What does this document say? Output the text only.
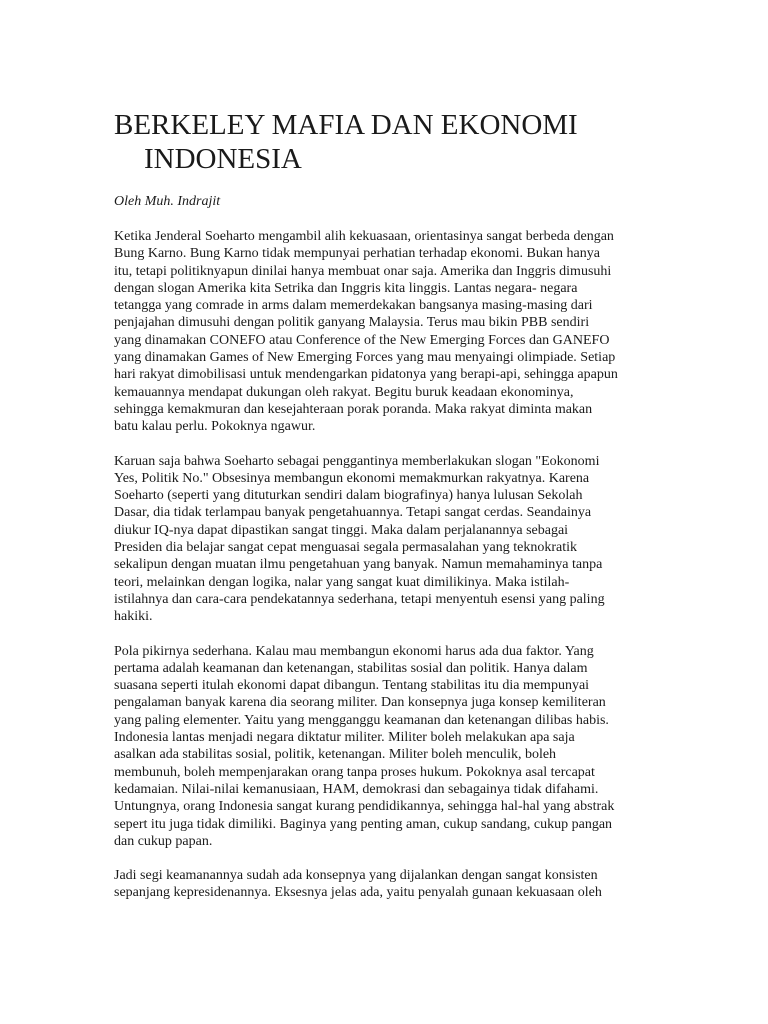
BERKELEY MAFIA DAN EKONOMI
INDONESIA

Oleh Muh. Indrajit

Ketika Jenderal Soeharto mengambil alih kekuasaan, orientasinya sangat berbeda dengan
Bung Karno. Bung Karno tidak mempunyai perhatian terhadap ekonomi. Bukan hanya
itu, tetapi politiknyapun dinilai hanya membuat onar saja. Amerika dan Inggris dimusuhi
dengan slogan Amerika kita Setrika dan Inggris kita linggis. Lantas negara- negara
tetangga yang comrade in arms dalam memerdekakan bangsanya masing-masing dari
penjajahan dimusuhi dengan politik ganyang Malaysia. Terus mau bikin PBB sendiri
yang dinamakan CONEFO atau Conference of the New Emerging Forces dan GANEFO
yang dinamakan Games of New Emerging Forces yang mau menyaingi olimpiade. Setiap
hari rakyat dimobilisasi untuk mendengarkan pidatonya yang berapi-api, sehingga apapun
kemauannya mendapat dukungan oleh rakyat. Begitu buruk keadaan ekonominya,
sehingga kemakmuran dan kesejahteraan porak poranda. Maka rakyat diminta makan
batu kalau perlu. Pokoknya ngawur.

Karuan saja bahwa Soeharto sebagai penggantinya memberlakukan slogan "Eokonomi
Yes, Politik No." Obsesinya membangun ekonomi memakmurkan rakyatnya. Karena
Soeharto (seperti yang dituturkan sendiri dalam biografinya) hanya lulusan Sekolah
Dasar, dia tidak terlampau banyak pengetahuannya. Tetapi sangat cerdas. Seandainya
diukur IQ-nya dapat dipastikan sangat tinggi. Maka dalam perjalanannya sebagai
Presiden dia belajar sangat cepat menguasai segala permasalahan yang teknokratik
sekalipun dengan muatan ilmu pengetahuan yang banyak. Namun memahaminya tanpa
teori, melainkan dengan logika, nalar yang sangat kuat dimilikinya. Maka istilah-
istilahnya dan cara-cara pendekatannya sederhana, tetapi menyentuh esensi yang paling
hakiki.

Pola pikirnya sederhana. Kalau mau membangun ekonomi harus ada dua faktor. Yang
pertama adalah keamanan dan ketenangan, stabilitas sosial dan politik. Hanya dalam
suasana seperti itulah ekonomi dapat dibangun. Tentang stabilitas itu dia mempunyai
pengalaman banyak karena dia seorang militer. Dan konsepnya juga konsep kemiliteran
yang paling elementer. Yaitu yang mengganggu keamanan dan ketenangan dilibas habis.
Indonesia lantas menjadi negara diktatur militer. Militer boleh melakukan apa saja
asalkan ada stabilitas sosial, politik, ketenangan. Militer boleh menculik, boleh
membunuh, boleh mempenjarakan orang tanpa proses hukum. Pokoknya asal tercapat
kedamaian. Nilai-nilai kemanusiaan, HAM, demokrasi dan sebagainya tidak difahami.
Untungnya, orang Indonesia sangat kurang pendidikannya, sehingga hal-hal yang abstrak
sepert itu juga tidak dimiliki. Baginya yang penting aman, cukup sandang, cukup pangan
dan cukup papan.

Jadi segi keamanannya sudah ada konsepnya yang dijalankan dengan sangat konsisten
sepanjang kepresidenannya. Eksesnya jelas ada, yaitu penyalah gunaan kekuasaan oleh
